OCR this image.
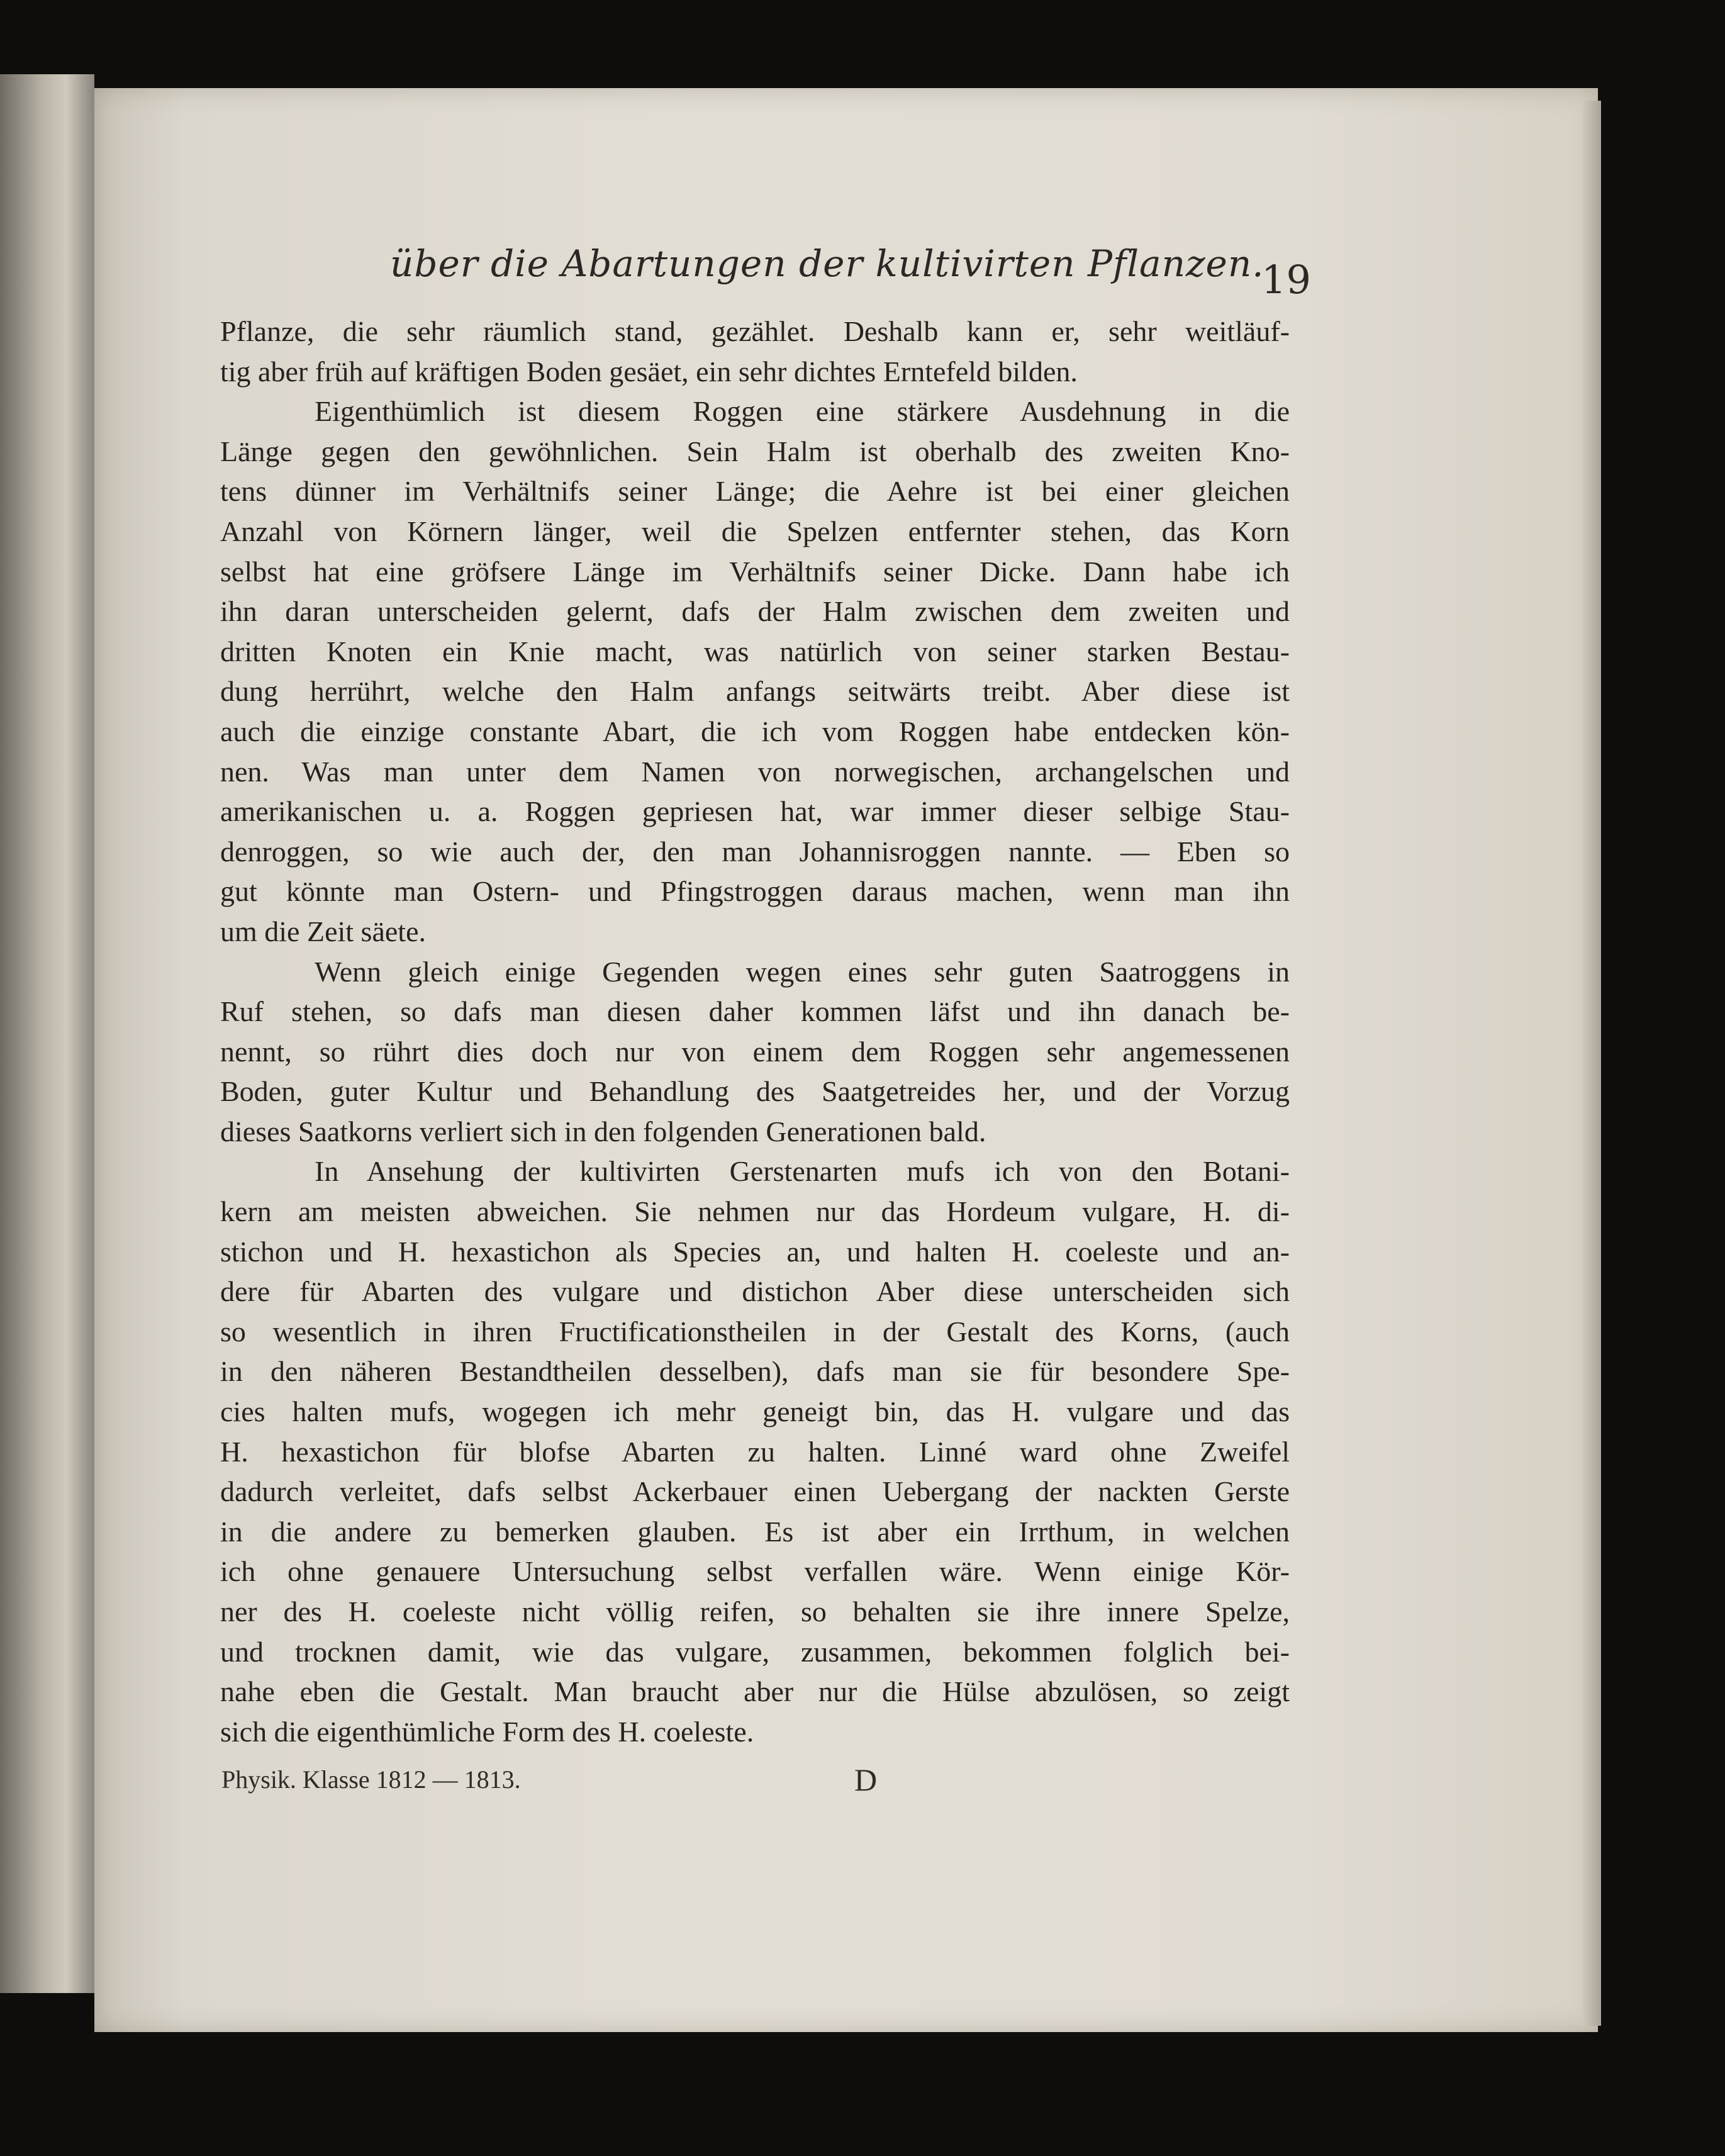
über die Abartungen der kultivirten Pflanzen.
19
Pflanze, die sehr räumlich stand, gezählet. Deshalb kann er, sehr weitläuf-
tig aber früh auf kräftigen Boden gesäet, ein sehr dichtes Erntefeld bilden.
Eigenthümlich ist diesem Roggen eine stärkere Ausdehnung in die
Länge gegen den gewöhnlichen. Sein Halm ist oberhalb des zweiten Kno-
tens dünner im Verhältnifs seiner Länge; die Aehre ist bei einer gleichen
Anzahl von Körnern länger, weil die Spelzen entfernter stehen, das Korn
selbst hat eine gröfsere Länge im Verhältnifs seiner Dicke. Dann habe ich
ihn daran unterscheiden gelernt, dafs der Halm zwischen dem zweiten und
dritten Knoten ein Knie macht, was natürlich von seiner starken Bestau-
dung herrührt, welche den Halm anfangs seitwärts treibt. Aber diese ist
auch die einzige constante Abart, die ich vom Roggen habe entdecken kön-
nen. Was man unter dem Namen von norwegischen, archangelschen und
amerikanischen u. a. Roggen gepriesen hat, war immer dieser selbige Stau-
denroggen, so wie auch der, den man Johannisroggen nannte. — Eben so
gut könnte man Ostern- und Pfingstroggen daraus machen, wenn man ihn
um die Zeit säete.
Wenn gleich einige Gegenden wegen eines sehr guten Saatroggens in
Ruf stehen, so dafs man diesen daher kommen läfst und ihn danach be-
nennt, so rührt dies doch nur von einem dem Roggen sehr angemessenen
Boden, guter Kultur und Behandlung des Saatgetreides her, und der Vorzug
dieses Saatkorns verliert sich in den folgenden Generationen bald.
In Ansehung der kultivirten Gerstenarten mufs ich von den Botani-
kern am meisten abweichen. Sie nehmen nur das Hordeum vulgare, H. di-
stichon und H. hexastichon als Species an, und halten H. coeleste und an-
dere für Abarten des vulgare und distichon Aber diese unterscheiden sich
so wesentlich in ihren Fructificationstheilen in der Gestalt des Korns, (auch
in den näheren Bestandtheilen desselben), dafs man sie für besondere Spe-
cies halten mufs, wogegen ich mehr geneigt bin, das H. vulgare und das
H. hexastichon für blofse Abarten zu halten. Linné ward ohne Zweifel
dadurch verleitet, dafs selbst Ackerbauer einen Uebergang der nackten Gerste
in die andere zu bemerken glauben. Es ist aber ein Irrthum, in welchen
ich ohne genauere Untersuchung selbst verfallen wäre. Wenn einige Kör-
ner des H. coeleste nicht völlig reifen, so behalten sie ihre innere Spelze,
und trocknen damit, wie das vulgare, zusammen, bekommen folglich bei-
nahe eben die Gestalt. Man braucht aber nur die Hülse abzulösen, so zeigt
sich die eigenthümliche Form des H. coeleste.
Physik. Klasse 1812 — 1813.	D
